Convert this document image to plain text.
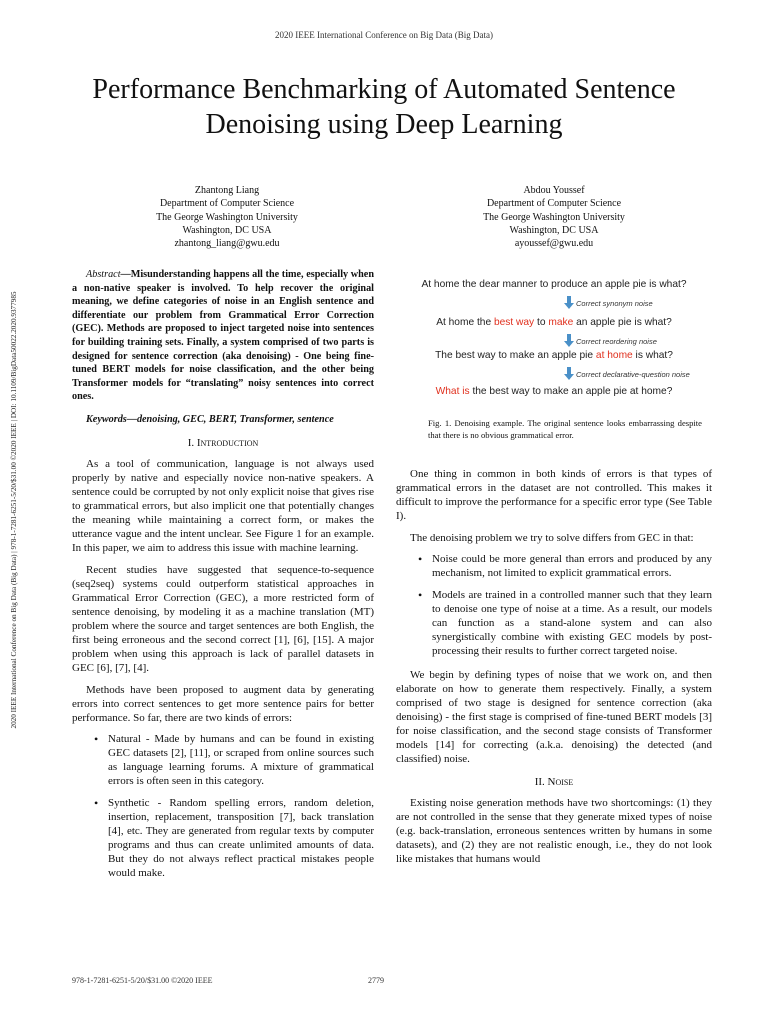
2020 IEEE International Conference on Big Data (Big Data)
Performance Benchmarking of Automated Sentence
Denoising using Deep Learning
Zhantong Liang
Department of Computer Science
The George Washington University
Washington, DC USA
zhantong_liang@gwu.edu
Abdou Youssef
Department of Computer Science
The George Washington University
Washington, DC USA
ayoussef@gwu.edu
2020 IEEE International Conference on Big Data (Big Data) | 978-1-7281-6251-5/20/$31.00 ©2020 IEEE | DOI: 10.1109/BigData50022.2020.9377985

Abstract—Misunderstanding happens all the time, especially when a non-native speaker is involved. To help recover the original meaning, we define categories of noise in an English sentence and differentiate our problem from Grammatical Error Correction (GEC). Methods are proposed to inject targeted noise into sentences for building training sets. Finally, a system comprised of two parts is designed for sentence correction (aka denoising) - One being fine-tuned BERT models for noise classification, and the other being Transformer models for “translating” noisy sentences into correct ones.

Keywords—denoising, GEC, BERT, Transformer, sentence

I. Introduction

As a tool of communication, language is not always used properly by native and especially novice non-native speakers. A sentence could be corrupted by not only explicit noise that gives rise to grammatical errors, but also implicit one that potentially changes the meaning while maintaining a correct form, or makes the utterance vague and the intent unclear. See Figure 1 for an example. In this paper, we aim to address this issue with machine learning.

Recent studies have suggested that sequence-to-sequence (seq2seq) systems could outperform statistical approaches in Grammatical Error Correction (GEC), a more restricted form of sentence denoising, by modeling it as a machine translation (MT) problem where the source and target sentences are both English, the first being erroneous and the second correct [1], [6], [15]. A major problem when using this approach is lack of parallel datasets in GEC [6], [7], [4].

Methods have been proposed to augment data by generating errors into correct sentences to get more sentence pairs for better performance. So far, there are two kinds of errors:

• Natural - Made by humans and can be found in existing GEC datasets [2], [11], or scraped from online sources such as language learning forums. A mixture of grammatical errors is often seen in this category.
• Synthetic - Random spelling errors, random deletion, insertion, replacement, transposition [7], back translation [4], etc. They are generated from regular texts by computer programs and thus can create unlimited amounts of data. But they do not always reflect practical mistakes people would make.
At home the dear manner to produce an apple pie is what?
Correct synonym noise
At home the best way to make an apple pie is what?
Correct reordering noise
The best way to make an apple pie at home is what?
Correct declarative-question noise
What is the best way to make an apple pie at home?

Fig. 1. Denoising example. The original sentence looks embarrassing despite that there is no obvious grammatical error.

One thing in common in both kinds of errors is that types of grammatical errors in the dataset are not controlled. This makes it difficult to improve the performance for a specific error type (See Table I).

The denoising problem we try to solve differs from GEC in that:

• Noise could be more general than errors and produced by any mechanism, not limited to explicit grammatical errors.
• Models are trained in a controlled manner such that they learn to denoise one type of noise at a time. As a result, our models can function as a stand-alone system and can also synergistically combine with existing GEC models by post-processing their results to further correct targeted noise.

We begin by defining types of noise that we work on, and then elaborate on how to generate them respectively. Finally, a system comprised of two stage is designed for sentence correction (aka denoising) - the first stage is comprised of fine-tuned BERT models [3] for noise classification, and the second stage consists of Transformer models [14] for correcting (a.k.a. denoising) the detected (and classified) noise.

II. Noise

Existing noise generation methods have two shortcomings: (1) they are not controlled in the sense that they generate mixed types of noise (e.g. back-translation, erroneous sentences written by humans in some datasets), and (2) they are not realistic enough, i.e., they do not look like mistakes that humans would

978-1-7281-6251-5/20/$31.00 ©2020 IEEE	2779
